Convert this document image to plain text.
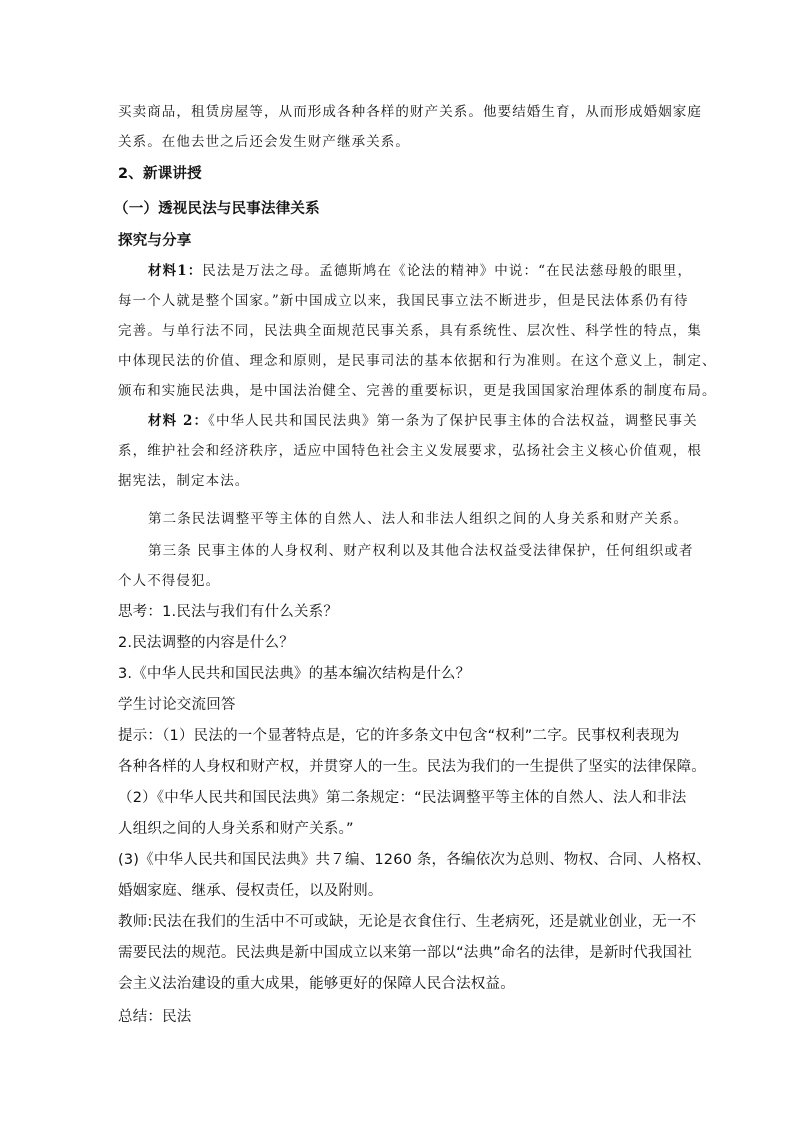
买卖商品，租赁房屋等，从而形成各种各样的财产关系。他要结婚生育，从而形成婚姻家庭
关系。在他去世之后还会发生财产继承关系。
2、新课讲授
（一）透视民法与民事法律关系
探究与分享
材料1：民法是万法之母。孟德斯鸠在《论法的精神》中说：“在民法慈母般的眼里，
每一个人就是整个国家。”新中国成立以来，我国民事立法不断进步，但是民法体系仍有待
完善。与单行法不同，民法典全面规范民事关系，具有系统性、层次性、科学性的特点，集
中体现民法的价值、理念和原则，是民事司法的基本依据和行为准则。在这个意义上，制定、
颁布和实施民法典，是中国法治健全、完善的重要标识，更是我国国家治理体系的制度布局。
材料 2：《中华人民共和国民法典》第一条为了保护民事主体的合法权益，调整民事关
系，维护社会和经济秩序，适应中国特色社会主义发展要求，弘扬社会主义核心价值观，根
据宪法，制定本法。
第二条民法调整平等主体的自然人、法人和非法人组织之间的人身关系和财产关系。
第三条 民事主体的人身权利、财产权利以及其他合法权益受法律保护，任何组织或者
个人不得侵犯。
思考：1.民法与我们有什么关系？
2.民法调整的内容是什么？
3.《中华人民共和国民法典》的基本编次结构是什么？
学生讨论交流回答
提示：（1）民法的一个显著特点是，它的许多条文中包含“权利”二字。民事权利表现为
各种各样的人身权和财产权，并贯穿人的一生。民法为我们的一生提供了坚实的法律保障。
（2）《中华人民共和国民法典》第二条规定：“民法调整平等主体的自然人、法人和非法
人组织之间的人身关系和财产关系。”
(3)《中华人民共和国民法典》共７编、1260 条，各编依次为总则、物权、合同、人格权、
婚姻家庭、继承、侵权责任，以及附则。
教师:民法在我们的生活中不可或缺，无论是衣食住行、生老病死，还是就业创业，无一不
需要民法的规范。民法典是新中国成立以来第一部以“法典”命名的法律，是新时代我国社
会主义法治建设的重大成果，能够更好的保障人民合法权益。
总结：民法
